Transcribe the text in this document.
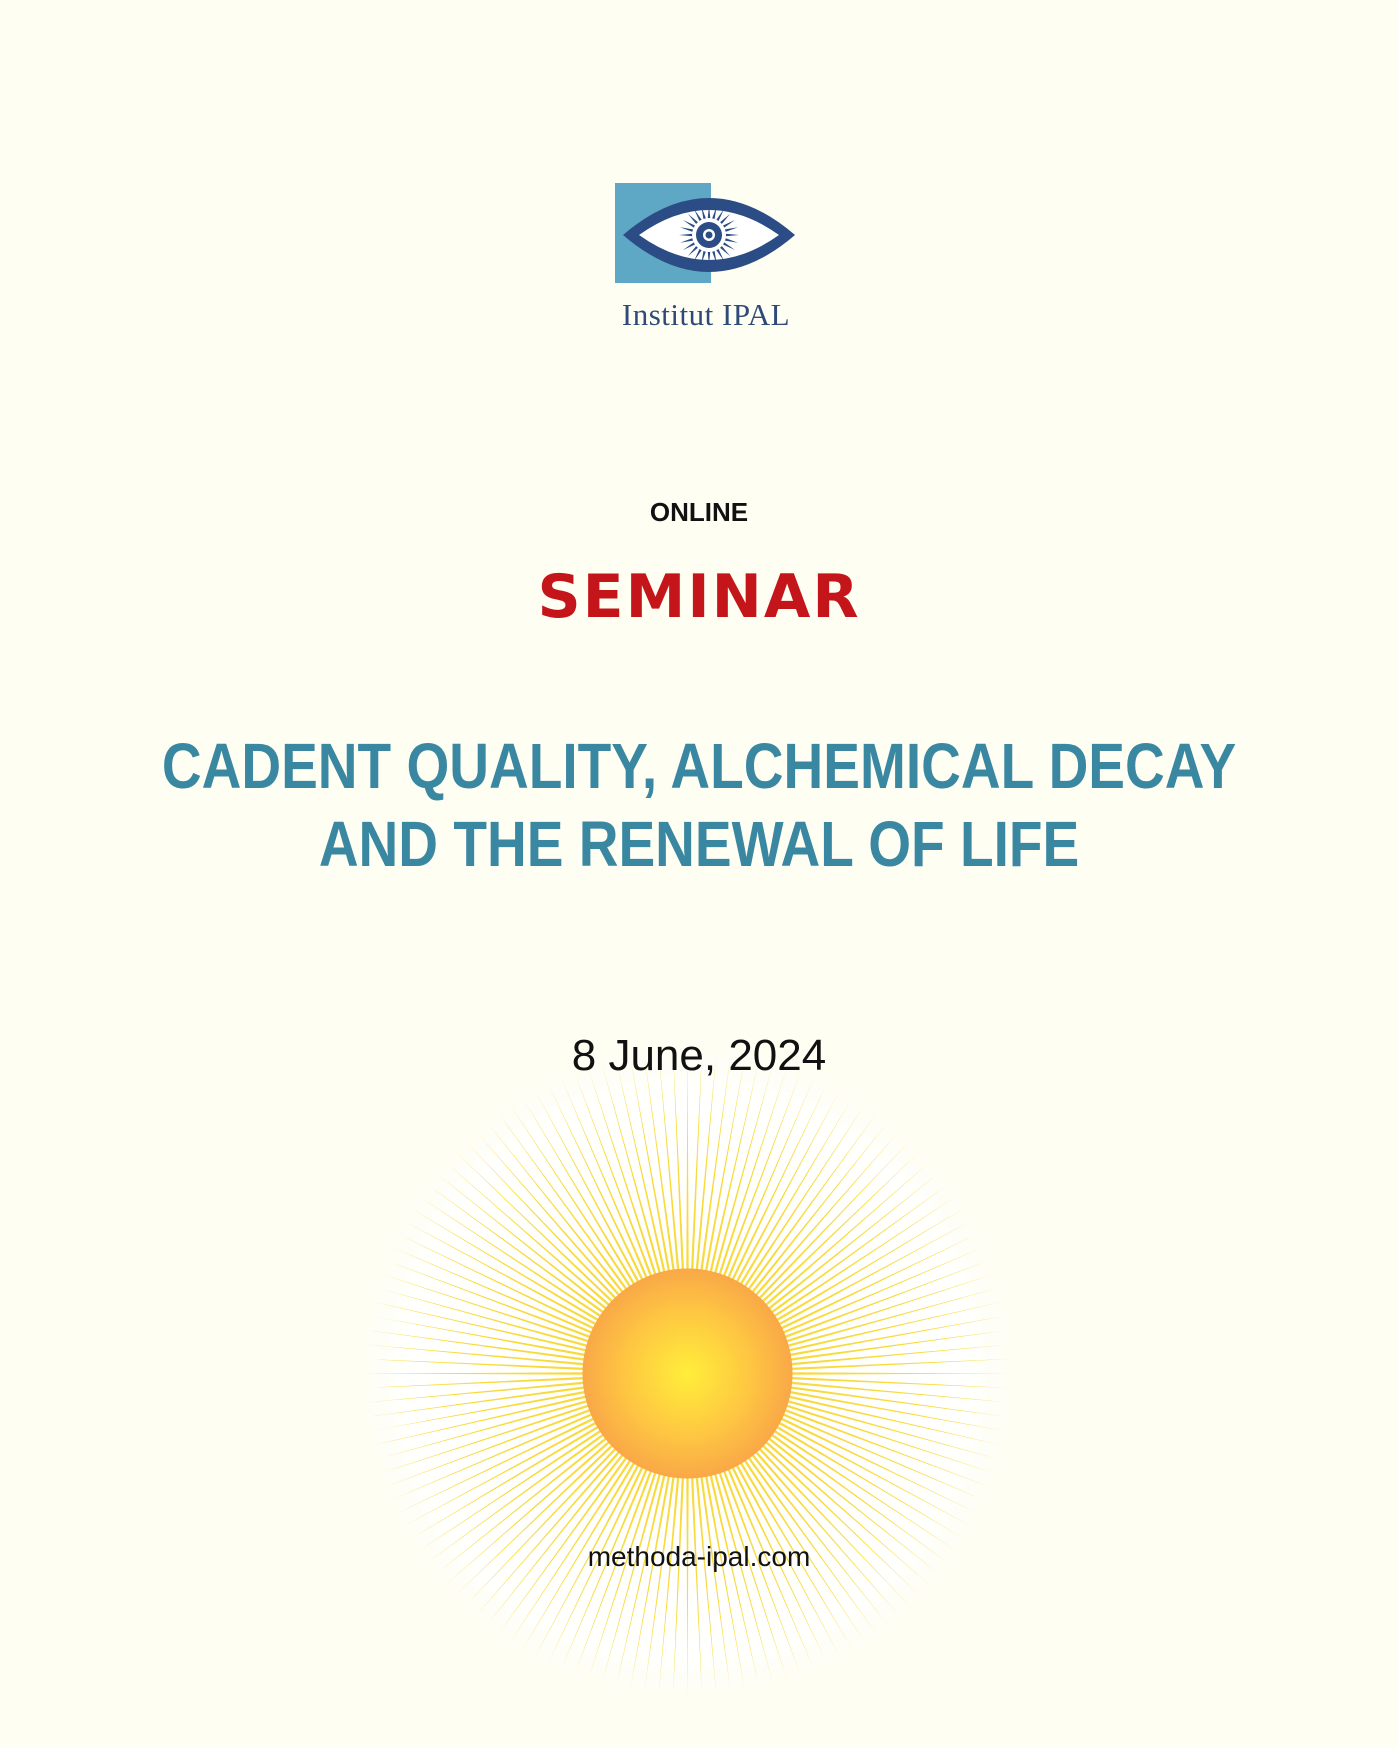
Institut IPAL
ONLINE
SEMINAR
CADENT QUALITY, ALCHEMICAL DECAY
AND THE RENEWAL OF LIFE
8 June, 2024
methoda-ipal.com
